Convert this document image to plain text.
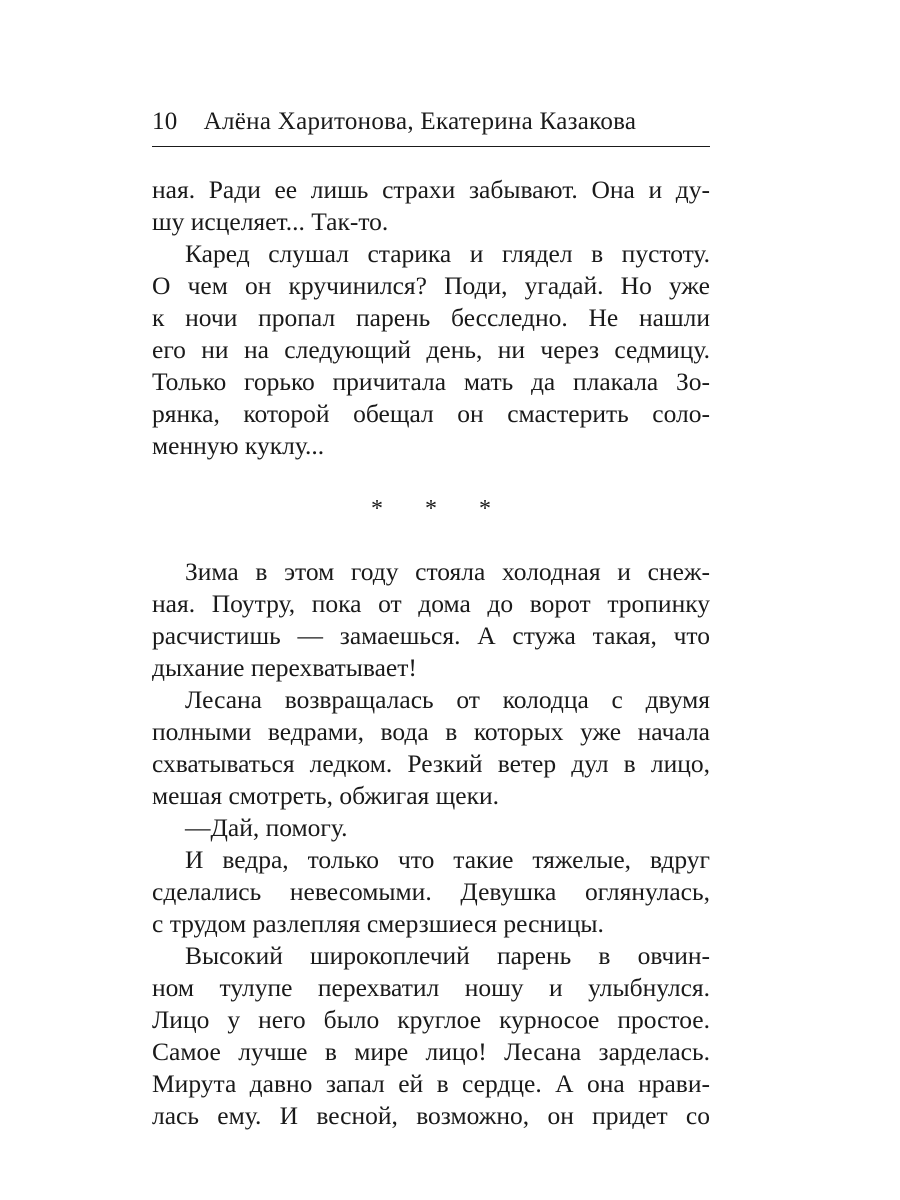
10 Алёна Харитонова, Екатерина Казакова
ная. Ради ее лишь страхи забывают. Она и ду-
шу исцеляет... Так-то.
Каред слушал старика и глядел в пустоту.
О чем он кручинился? Поди, угадай. Но уже
к ночи пропал парень бесследно. Не нашли
его ни на следующий день, ни через седмицу.
Только горько причитала мать да плакала Зо-
рянка, которой обещал он смастерить соло-
менную куклу...
* * *
Зима в этом году стояла холодная и снеж-
ная. Поутру, пока от дома до ворот тропинку
расчистишь — замаешься. А стужа такая, что
дыхание перехватывает!
Лесана возвращалась от колодца с двумя
полными ведрами, вода в которых уже начала
схватываться ледком. Резкий ветер дул в лицо,
мешая смотреть, обжигая щеки.
—Дай, помогу.
И ведра, только что такие тяжелые, вдруг
сделались невесомыми. Девушка оглянулась,
с трудом разлепляя смерзшиеся ресницы.
Высокий широкоплечий парень в овчин-
ном тулупе перехватил ношу и улыбнулся.
Лицо у него было круглое курносое простое.
Самое лучше в мире лицо! Лесана зарделась.
Мирута давно запал ей в сердце. А она нрави-
лась ему. И весной, возможно, он придет со
